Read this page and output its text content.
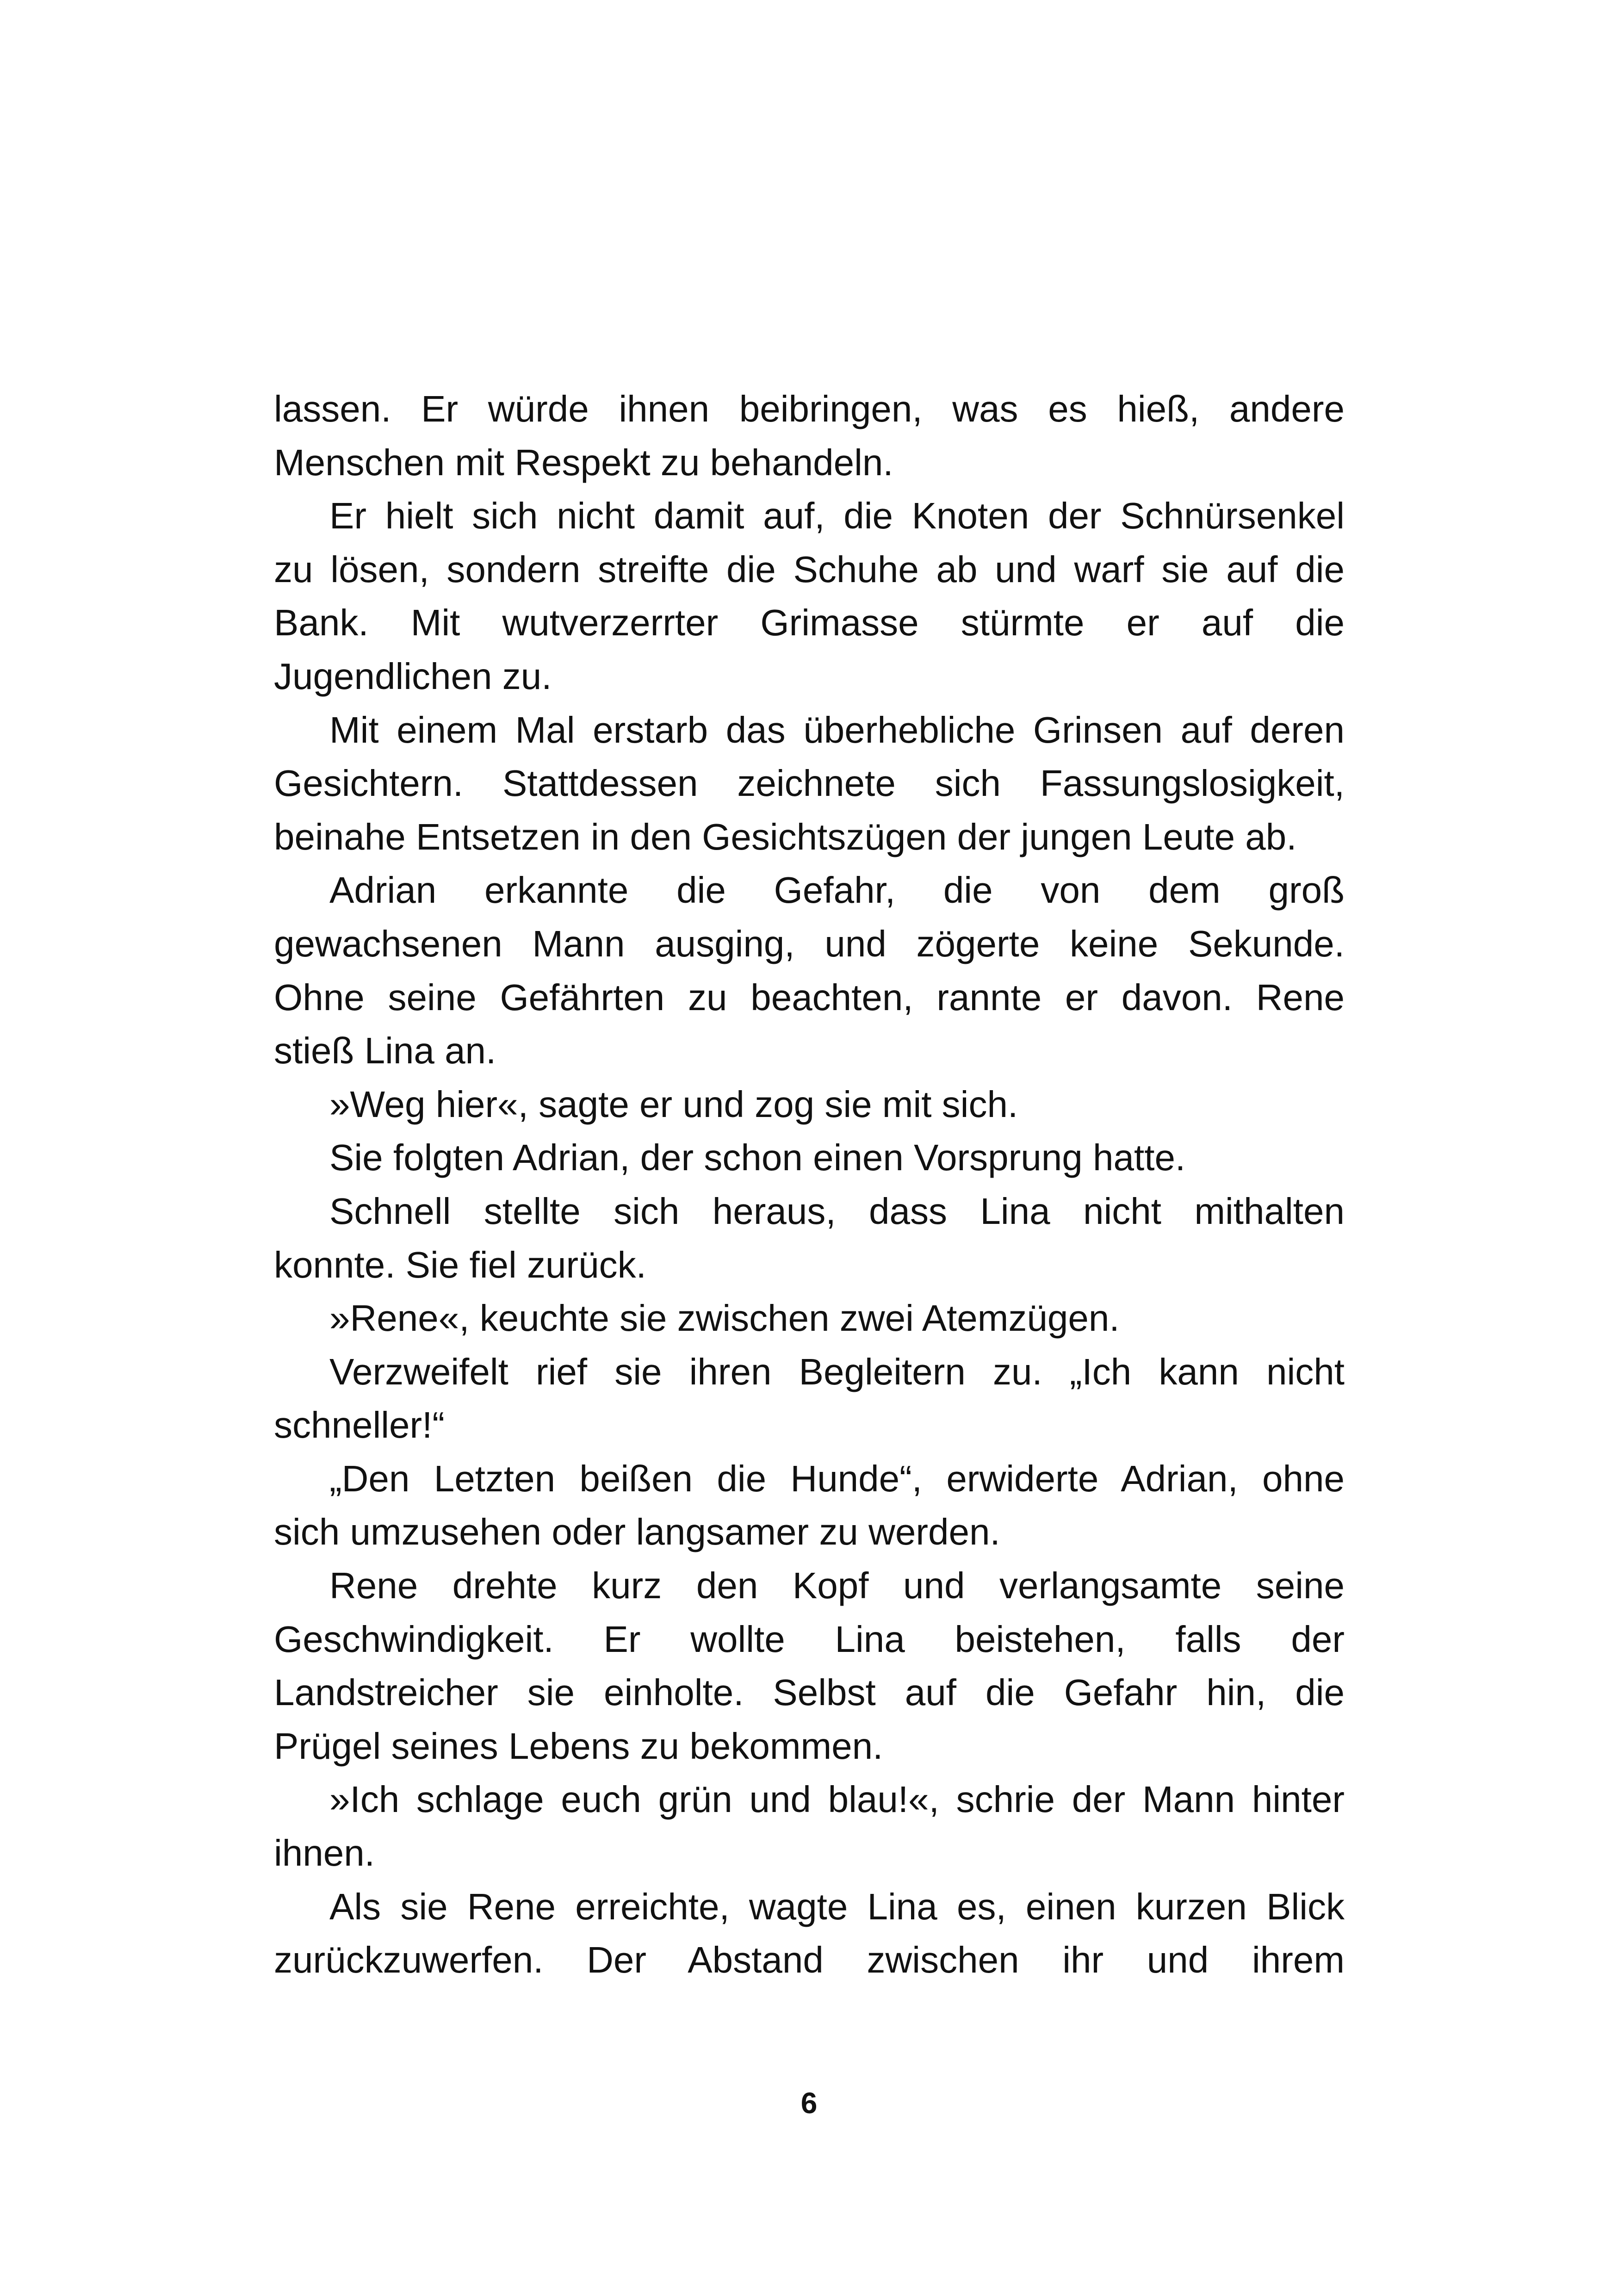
lassen. Er würde ihnen beibringen, was es hieß, andere
Menschen mit Respekt zu behandeln.
Er hielt sich nicht damit auf, die Knoten der Schnürsenkel
zu lösen, sondern streifte die Schuhe ab und warf sie auf die
Bank. Mit wutverzerrter Grimasse stürmte er auf die
Jugendlichen zu.
Mit einem Mal erstarb das überhebliche Grinsen auf deren
Gesichtern. Stattdessen zeichnete sich Fassungslosigkeit,
beinahe Entsetzen in den Gesichtszügen der jungen Leute ab.
Adrian erkannte die Gefahr, die von dem groß
gewachsenen Mann ausging, und zögerte keine Sekunde.
Ohne seine Gefährten zu beachten, rannte er davon. Rene
stieß Lina an.
»Weg hier«, sagte er und zog sie mit sich.
Sie folgten Adrian, der schon einen Vorsprung hatte.
Schnell stellte sich heraus, dass Lina nicht mithalten
konnte. Sie fiel zurück.
»Rene«, keuchte sie zwischen zwei Atemzügen.
Verzweifelt rief sie ihren Begleitern zu. „Ich kann nicht
schneller!“
„Den Letzten beißen die Hunde“, erwiderte Adrian, ohne
sich umzusehen oder langsamer zu werden.
Rene drehte kurz den Kopf und verlangsamte seine
Geschwindigkeit. Er wollte Lina beistehen, falls der
Landstreicher sie einholte. Selbst auf die Gefahr hin, die
Prügel seines Lebens zu bekommen.
»Ich schlage euch grün und blau!«, schrie der Mann hinter
ihnen.
Als sie Rene erreichte, wagte Lina es, einen kurzen Blick
zurückzuwerfen. Der Abstand zwischen ihr und ihrem
6
